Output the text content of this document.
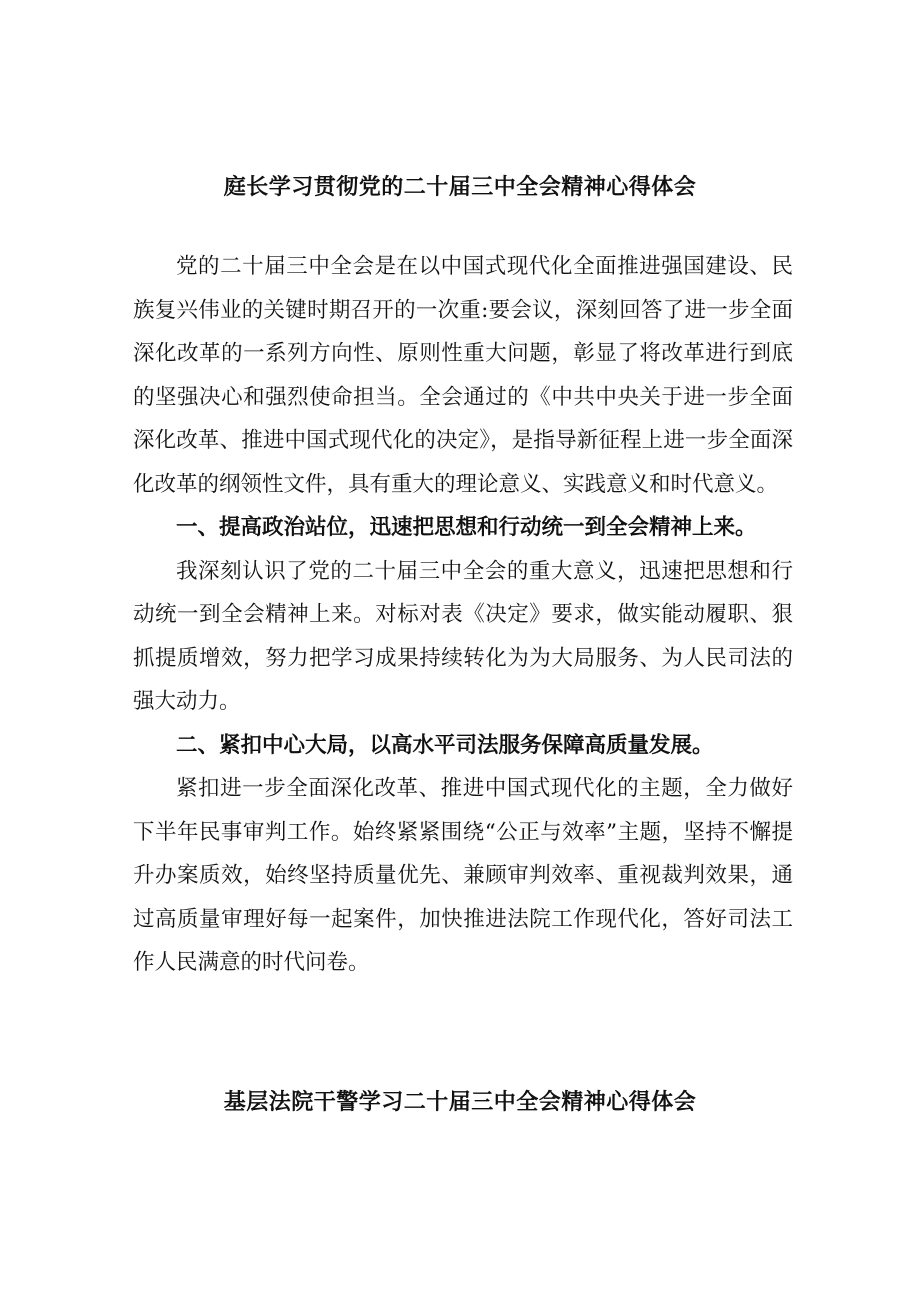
庭长学习贯彻党的二十届三中全会精神心得体会

党的二十届三中全会是在以中国式现代化全面推进强国建设、民族复兴伟业的关键时期召开的一次重:要会议，深刻回答了进一步全面深化改革的一系列方向性、原则性重大问题，彰显了将改革进行到底的坚强决心和强烈使命担当。全会通过的《中共中央关于进一步全面深化改革、推进中国式现代化的决定》，是指导新征程上进一步全面深化改革的纲领性文件，具有重大的理论意义、实践意义和时代意义。

一、提高政治站位，迅速把思想和行动统一到全会精神上来。

我深刻认识了党的二十届三中全会的重大意义，迅速把思想和行动统一到全会精神上来。对标对表《决定》要求，做实能动履职、狠抓提质增效，努力把学习成果持续转化为为大局服务、为人民司法的强大动力。

二、紧扣中心大局，以高水平司法服务保障高质量发展。

紧扣进一步全面深化改革、推进中国式现代化的主题，全力做好下半年民事审判工作。始终紧紧围绕“公正与效率”主题，坚持不懈提升办案质效，始终坚持质量优先、兼顾审判效率、重视裁判效果，通过高质量审理好每一起案件，加快推进法院工作现代化，答好司法工作人民满意的时代问卷。

基层法院干警学习二十届三中全会精神心得体会
